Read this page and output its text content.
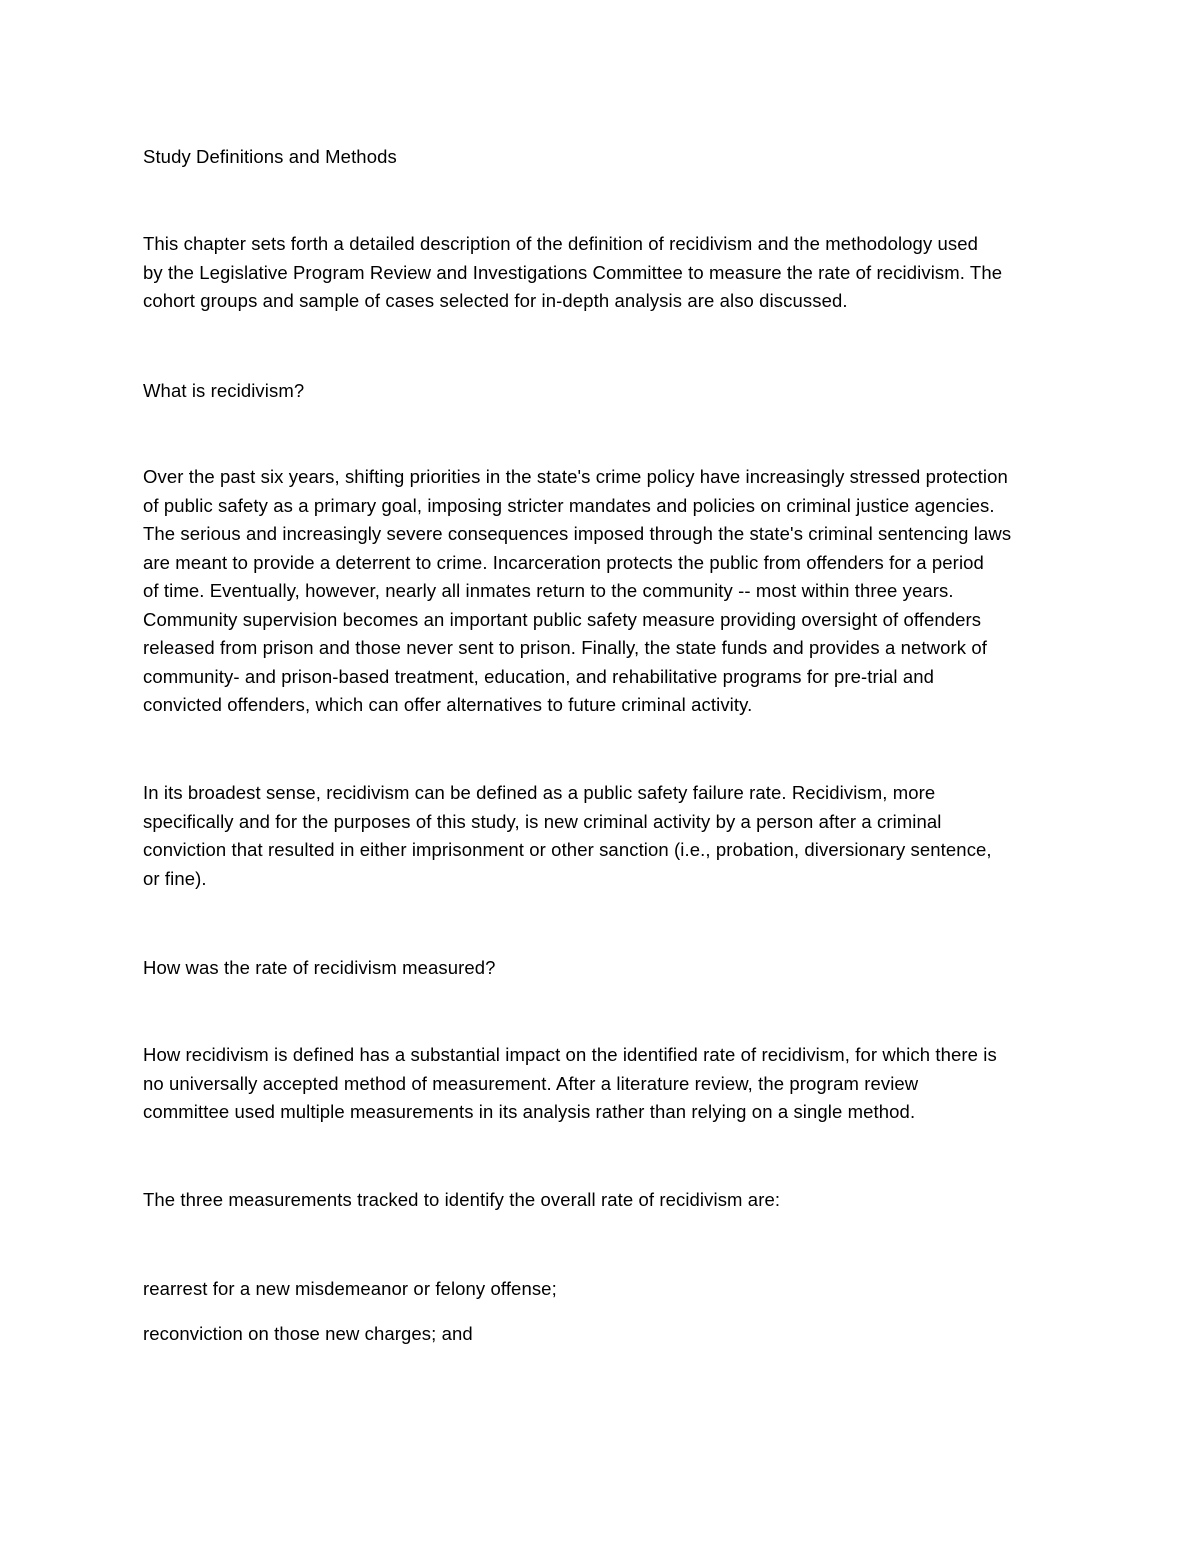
Study Definitions and Methods
This chapter sets forth a detailed description of the definition of recidivism and the methodology used
by the Legislative Program Review and Investigations Committee to measure the rate of recidivism. The
cohort groups and sample of cases selected for in-depth analysis are also discussed.
What is recidivism?
Over the past six years, shifting priorities in the state's crime policy have increasingly stressed protection
of public safety as a primary goal, imposing stricter mandates and policies on criminal justice agencies.
The serious and increasingly severe consequences imposed through the state's criminal sentencing laws
are meant to provide a deterrent to crime. Incarceration protects the public from offenders for a period
of time. Eventually, however, nearly all inmates return to the community -- most within three years.
Community supervision becomes an important public safety measure providing oversight of offenders
released from prison and those never sent to prison. Finally, the state funds and provides a network of
community- and prison-based treatment, education, and rehabilitative programs for pre-trial and
convicted offenders, which can offer alternatives to future criminal activity.
In its broadest sense, recidivism can be defined as a public safety failure rate. Recidivism, more
specifically and for the purposes of this study, is new criminal activity by a person after a criminal
conviction that resulted in either imprisonment or other sanction (i.e., probation, diversionary sentence,
or fine).
How was the rate of recidivism measured?
How recidivism is defined has a substantial impact on the identified rate of recidivism, for which there is
no universally accepted method of measurement. After a literature review, the program review
committee used multiple measurements in its analysis rather than relying on a single method.
The three measurements tracked to identify the overall rate of recidivism are:
rearrest for a new misdemeanor or felony offense;
reconviction on those new charges; and
